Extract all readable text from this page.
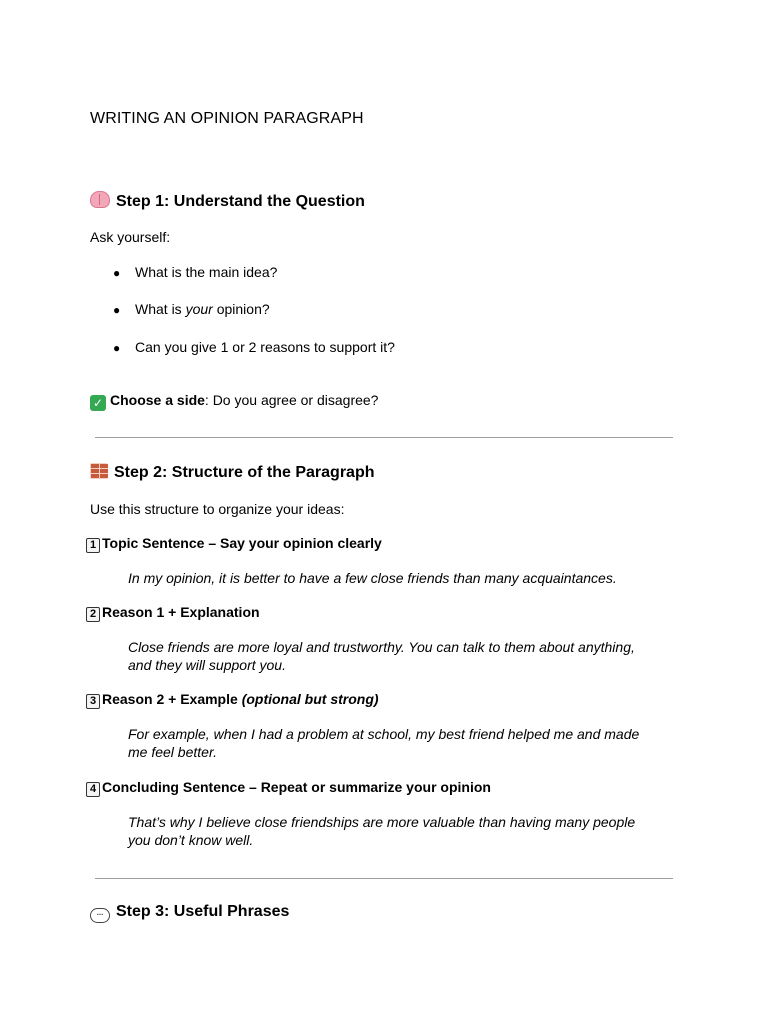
WRITING AN OPINION PARAGRAPH
Step 1: Understand the Question
Ask yourself:
● What is the main idea?
● What is your opinion?
● Can you give 1 or 2 reasons to support it?
✓ Choose a side: Do you agree or disagree?
Step 2: Structure of the Paragraph
Use this structure to organize your ideas:
1 Topic Sentence – Say your opinion clearly
In my opinion, it is better to have a few close friends than many acquaintances.
2 Reason 1 + Explanation
Close friends are more loyal and trustworthy. You can talk to them about anything, and they will support you.
3 Reason 2 + Example (optional but strong)
For example, when I had a problem at school, my best friend helped me and made me feel better.
4 Concluding Sentence – Repeat or summarize your opinion
That’s why I believe close friendships are more valuable than having many people you don’t know well.
··· Step 3: Useful Phrases
